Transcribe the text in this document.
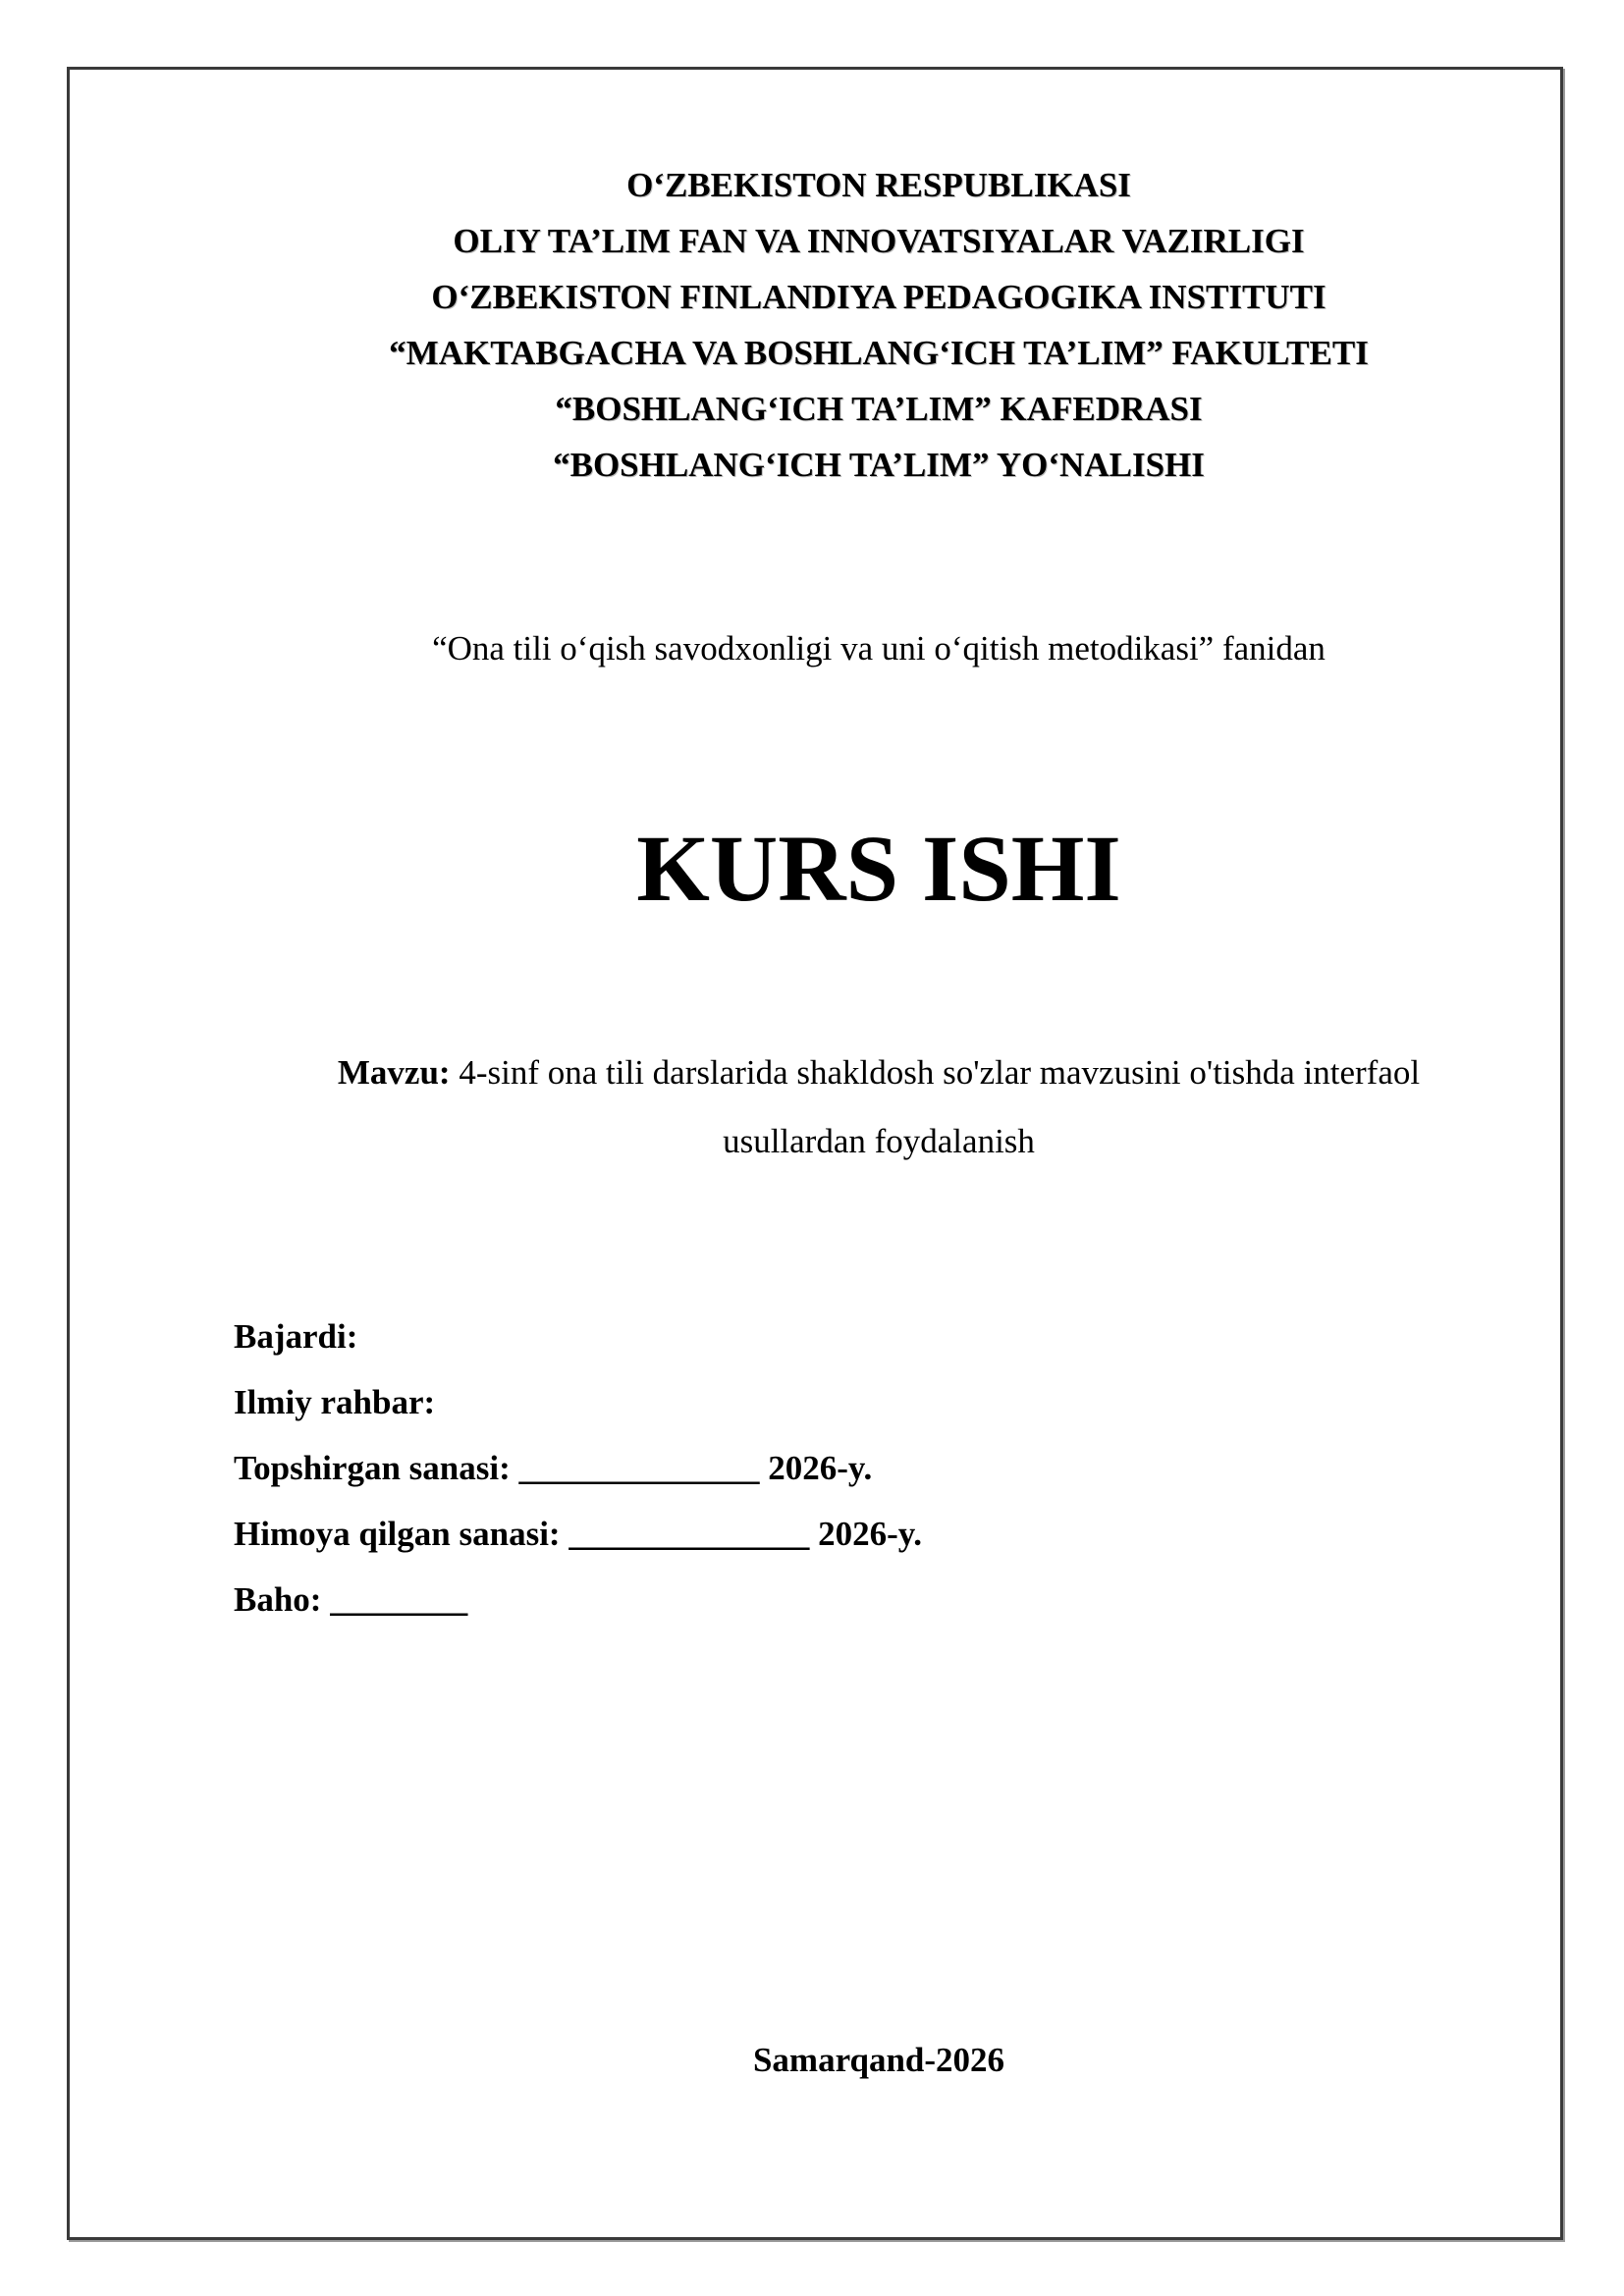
O‘ZBEKISTON RESPUBLIKASI
OLIY TA’LIM FAN VA INNOVATSIYALAR VAZIRLIGI
O‘ZBEKISTON FINLANDIYA PEDAGOGIKA INSTITUTI
“MAKTABGACHA VA BOSHLANG‘ICH TA’LIM” FAKULTETI
“BOSHLANG‘ICH TA’LIM” KAFEDRASI
“BOSHLANG‘ICH TA’LIM” YO‘NALISHI
“Ona tili o‘qish savodxonligi va uni o‘qitish metodikasi” fanidan
KURS ISHI
Mavzu: 4-sinf ona tili darslarida shakldosh so'zlar mavzusini o'tishda interfaol usullardan foydalanish
Bajardi:
Ilmiy rahbar:
Topshirgan sanasi: ______________ 2026-y.
Himoya qilgan sanasi: ______________ 2026-y.
Baho: ________
Samarqand-2026
